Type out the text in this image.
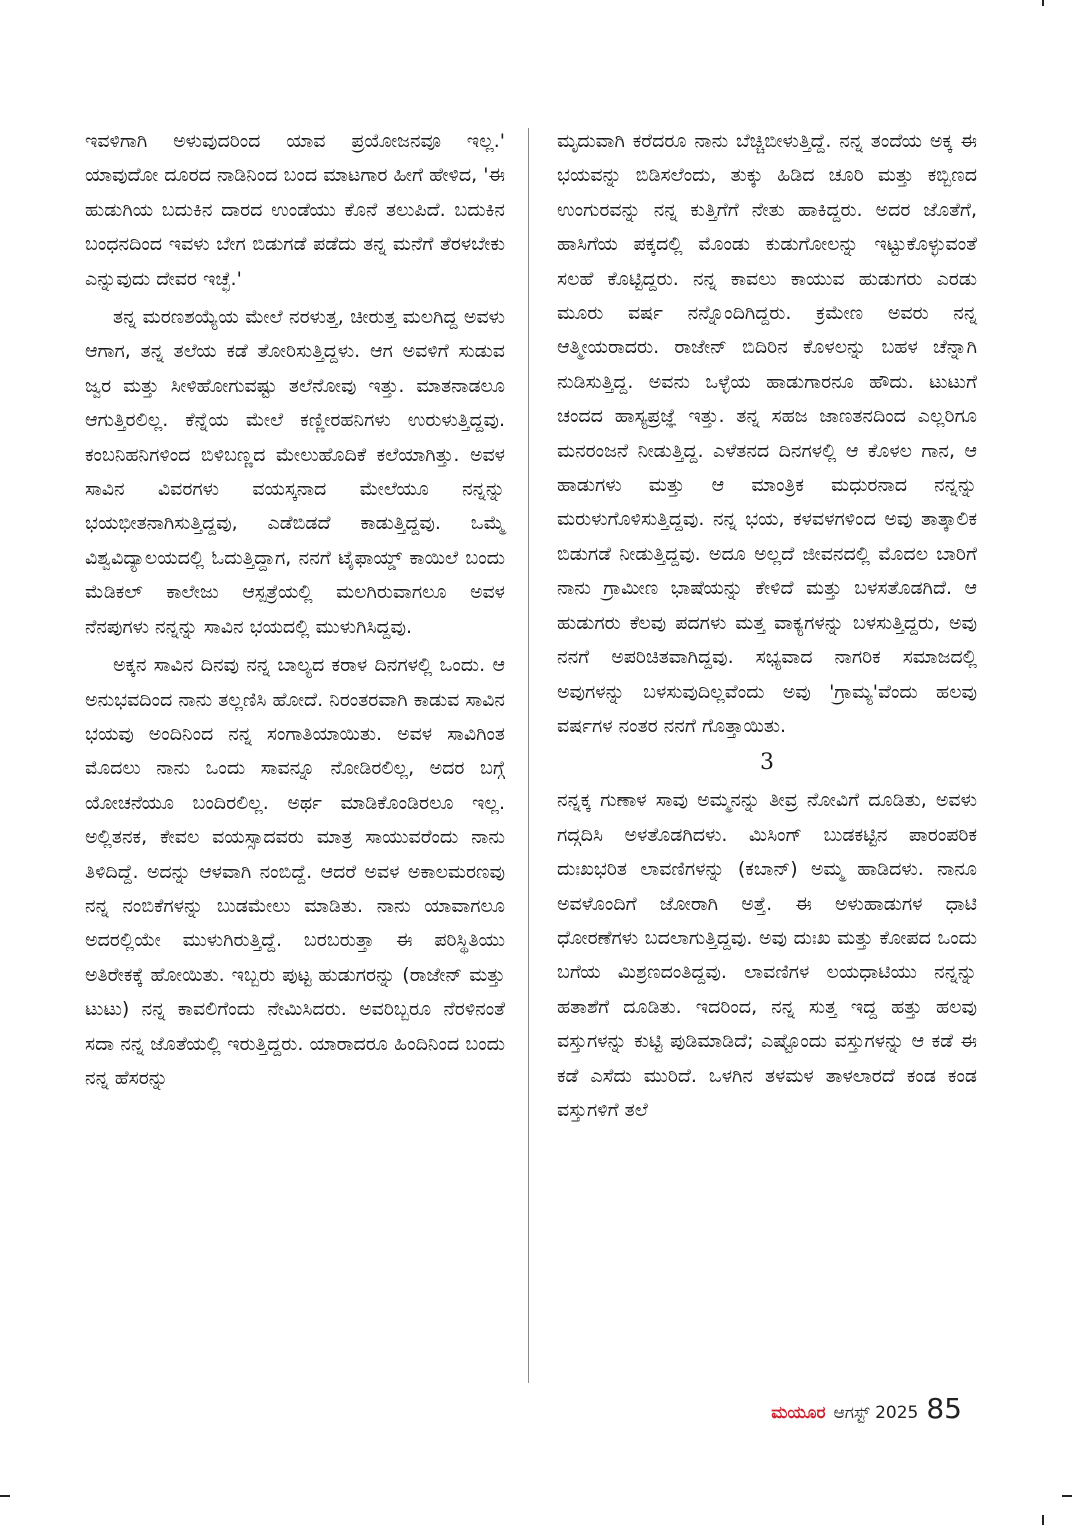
ಇವಳಿಗಾಗಿ ಅಳುವುದರಿಂದ ಯಾವ ಪ್ರಯೋಜನವೂ ಇಲ್ಲ.' ಯಾವುದೋ ದೂರದ ನಾಡಿನಿಂದ ಬಂದ ಮಾಟಗಾರ ಹೀಗೆ ಹೇಳಿದ, 'ಈ ಹುಡುಗಿಯ ಬದುಕಿನ ದಾರದ ಉಂಡೆಯು ಕೊನೆ ತಲುಪಿದೆ. ಬದುಕಿನ ಬಂಧನದಿಂದ ಇವಳು ಬೇಗ ಬಿಡುಗಡೆ ಪಡೆದು ತನ್ನ ಮನೆಗೆ ತೆರಳಬೇಕು ಎನ್ನುವುದು ದೇವರ ಇಚ್ಛೆ.'

ತನ್ನ ಮರಣಶಯ್ಯೆಯ ಮೇಲೆ ನರಳುತ್ತ, ಚೀರುತ್ತ ಮಲಗಿದ್ದ ಅವಳು ಆಗಾಗ, ತನ್ನ ತಲೆಯ ಕಡೆ ತೋರಿಸುತ್ತಿದ್ದಳು. ಆಗ ಅವಳಿಗೆ ಸುಡುವ ಜ್ವರ ಮತ್ತು ಸೀಳಿಹೋಗುವಷ್ಟು ತಲೆನೋವು ಇತ್ತು. ಮಾತನಾಡಲೂ ಆಗುತ್ತಿರಲಿಲ್ಲ. ಕೆನ್ನೆಯ ಮೇಲೆ ಕಣ್ಣೀರಹನಿಗಳು ಉರುಳುತ್ತಿದ್ದವು. ಕಂಬನಿಹನಿಗಳಿಂದ ಬಿಳಿಬಣ್ಣದ ಮೇಲುಹೊದಿಕೆ ಕಲೆಯಾಗಿತ್ತು. ಅವಳ ಸಾವಿನ ವಿವರಗಳು ವಯಸ್ಕನಾದ ಮೇಲೆಯೂ ನನ್ನನ್ನು ಭಯಭೀತನಾಗಿಸುತ್ತಿದ್ದವು, ಎಡೆಬಿಡದೆ ಕಾಡುತ್ತಿದ್ದವು. ಒಮ್ಮೆ ವಿಶ್ವವಿದ್ಯಾಲಯದಲ್ಲಿ ಓದುತ್ತಿದ್ದಾಗ, ನನಗೆ ಟೈಫಾಯ್ಡ್ ಕಾಯಿಲೆ ಬಂದು ಮೆಡಿಕಲ್ ಕಾಲೇಜು ಆಸ್ಪತ್ರೆಯಲ್ಲಿ ಮಲಗಿರುವಾಗಲೂ ಅವಳ ನೆನಪುಗಳು ನನ್ನನ್ನು ಸಾವಿನ ಭಯದಲ್ಲಿ ಮುಳುಗಿಸಿದ್ದವು.

ಅಕ್ಕನ ಸಾವಿನ ದಿನವು ನನ್ನ ಬಾಲ್ಯದ ಕರಾಳ ದಿನಗಳಲ್ಲಿ ಒಂದು. ಆ ಅನುಭವದಿಂದ ನಾನು ತಲ್ಲಣಿಸಿ ಹೋದೆ. ನಿರಂತರವಾಗಿ ಕಾಡುವ ಸಾವಿನ ಭಯವು ಅಂದಿನಿಂದ ನನ್ನ ಸಂಗಾತಿಯಾಯಿತು. ಅವಳ ಸಾವಿಗಿಂತ ಮೊದಲು ನಾನು ಒಂದು ಸಾವನ್ನೂ ನೋಡಿರಲಿಲ್ಲ, ಅದರ ಬಗ್ಗೆ ಯೋಚನೆಯೂ ಬಂದಿರಲಿಲ್ಲ. ಅರ್ಥ ಮಾಡಿಕೊಂಡಿರಲೂ ಇಲ್ಲ. ಅಲ್ಲಿತನಕ, ಕೇವಲ ವಯಸ್ಸಾದವರು ಮಾತ್ರ ಸಾಯುವರೆಂದು ನಾನು ತಿಳಿದಿದ್ದೆ. ಅದನ್ನು ಆಳವಾಗಿ ನಂಬಿದ್ದೆ. ಆದರೆ ಅವಳ ಅಕಾಲಮರಣವು ನನ್ನ ನಂಬಿಕೆಗಳನ್ನು ಬುಡಮೇಲು ಮಾಡಿತು. ನಾನು ಯಾವಾಗಲೂ ಅದರಲ್ಲಿಯೇ ಮುಳುಗಿರುತ್ತಿದ್ದೆ. ಬರಬರುತ್ತಾ ಈ ಪರಿಸ್ಥಿತಿಯು ಅತಿರೇಕಕ್ಕೆ ಹೋಯಿತು. ಇಬ್ಬರು ಪುಟ್ಟ ಹುಡುಗರನ್ನು (ರಾಜೇನ್ ಮತ್ತು ಟುಟು) ನನ್ನ ಕಾವಲಿಗೆಂದು ನೇಮಿಸಿದರು. ಅವರಿಬ್ಬರೂ ನೆರಳಿನಂತೆ ಸದಾ ನನ್ನ ಜೊತೆಯಲ್ಲಿ ಇರುತ್ತಿದ್ದರು. ಯಾರಾದರೂ ಹಿಂದಿನಿಂದ ಬಂದು ನನ್ನ ಹೆಸರನ್ನು

ಮೃದುವಾಗಿ ಕರೆದರೂ ನಾನು ಬೆಚ್ಚಿಬೀಳುತ್ತಿದ್ದೆ. ನನ್ನ ತಂದೆಯ ಅಕ್ಕ ಈ ಭಯವನ್ನು ಬಿಡಿಸಲೆಂದು, ತುಕ್ಕು ಹಿಡಿದ ಚೂರಿ ಮತ್ತು ಕಬ್ಬಿಣದ ಉಂಗುರವನ್ನು ನನ್ನ ಕುತ್ತಿಗೆಗೆ ನೇತು ಹಾಕಿದ್ದರು. ಅದರ ಜೊತೆಗೆ, ಹಾಸಿಗೆಯ ಪಕ್ಕದಲ್ಲಿ ಮೊಂಡು ಕುಡುಗೋಲನ್ನು ಇಟ್ಟುಕೊಳ್ಳುವಂತೆ ಸಲಹೆ ಕೊಟ್ಟಿದ್ದರು. ನನ್ನ ಕಾವಲು ಕಾಯುವ ಹುಡುಗರು ಎರಡು ಮೂರು ವರ್ಷ ನನ್ನೊಂದಿಗಿದ್ದರು. ಕ್ರಮೇಣ ಅವರು ನನ್ನ ಆತ್ಮೀಯರಾದರು. ರಾಜೇನ್ ಬಿದಿರಿನ ಕೊಳಲನ್ನು ಬಹಳ ಚೆನ್ನಾಗಿ ನುಡಿಸುತ್ತಿದ್ದ. ಅವನು ಒಳ್ಳೆಯ ಹಾಡುಗಾರನೂ ಹೌದು. ಟುಟುಗೆ ಚಂದದ ಹಾಸ್ಯಪ್ರಜ್ಞೆ ಇತ್ತು. ತನ್ನ ಸಹಜ ಜಾಣತನದಿಂದ ಎಲ್ಲರಿಗೂ ಮನರಂಜನೆ ನೀಡುತ್ತಿದ್ದ. ಎಳೆತನದ ದಿನಗಳಲ್ಲಿ ಆ ಕೊಳಲ ಗಾನ, ಆ ಹಾಡುಗಳು ಮತ್ತು ಆ ಮಾಂತ್ರಿಕ ಮಧುರನಾದ ನನ್ನನ್ನು ಮರುಳುಗೊಳಿಸುತ್ತಿದ್ದವು. ನನ್ನ ಭಯ, ಕಳವಳಗಳಿಂದ ಅವು ತಾತ್ಕಾಲಿಕ ಬಿಡುಗಡೆ ನೀಡುತ್ತಿದ್ದವು. ಅದೂ ಅಲ್ಲದೆ ಜೀವನದಲ್ಲಿ ಮೊದಲ ಬಾರಿಗೆ ನಾನು ಗ್ರಾಮೀಣ ಭಾಷೆಯನ್ನು ಕೇಳಿದೆ ಮತ್ತು ಬಳಸತೊಡಗಿದೆ. ಆ ಹುಡುಗರು ಕೆಲವು ಪದಗಳು ಮತ್ತ ವಾಕ್ಯಗಳನ್ನು ಬಳಸುತ್ತಿದ್ದರು, ಅವು ನನಗೆ ಅಪರಿಚಿತವಾಗಿದ್ದವು. ಸಭ್ಯವಾದ ನಾಗರಿಕ ಸಮಾಜದಲ್ಲಿ ಅವುಗಳನ್ನು ಬಳಸುವುದಿಲ್ಲವೆಂದು ಅವು 'ಗ್ರಾಮ್ಯ'ವೆಂದು ಹಲವು ವರ್ಷಗಳ ನಂತರ ನನಗೆ ಗೊತ್ತಾಯಿತು.

3

ನನ್ನಕ್ಕ ಗುಣಾಳ ಸಾವು ಅಮ್ಮನನ್ನು ತೀವ್ರ ನೋವಿಗೆ ದೂಡಿತು, ಅವಳು ಗದ್ಗದಿಸಿ ಅಳತೊಡಗಿದಳು. ಮಿಸಿಂಗ್ ಬುಡಕಟ್ಟಿನ ಪಾರಂಪರಿಕ ದುಃಖಭರಿತ ಲಾವಣಿಗಳನ್ನು (ಕಬಾನ್) ಅಮ್ಮ ಹಾಡಿದಳು. ನಾನೂ ಅವಳೊಂದಿಗೆ ಜೋರಾಗಿ ಅತ್ತೆ. ಈ ಅಳುಹಾಡುಗಳ ಧಾಟಿ ಧೋರಣೆಗಳು ಬದಲಾಗುತ್ತಿದ್ದವು. ಅವು ದುಃಖ ಮತ್ತು ಕೋಪದ ಒಂದು ಬಗೆಯ ಮಿಶ್ರಣದಂತಿದ್ದವು. ಲಾವಣಿಗಳ ಲಯಧಾಟಿಯು ನನ್ನನ್ನು ಹತಾಶೆಗೆ ದೂಡಿತು. ಇದರಿಂದ, ನನ್ನ ಸುತ್ತ ಇದ್ದ ಹತ್ತು ಹಲವು ವಸ್ತುಗಳನ್ನು ಕುಟ್ಟಿ ಪುಡಿಮಾಡಿದೆ; ಎಷ್ಟೊಂದು ವಸ್ತುಗಳನ್ನು ಆ ಕಡೆ ಈ ಕಡೆ ಎಸೆದು ಮುರಿದೆ. ಒಳಗಿನ ತಳಮಳ ತಾಳಲಾರದೆ ಕಂಡ ಕಂಡ ವಸ್ತುಗಳಿಗೆ ತಲೆ

ಮಯೂರ ಆಗಸ್ಟ್ 2025 85
